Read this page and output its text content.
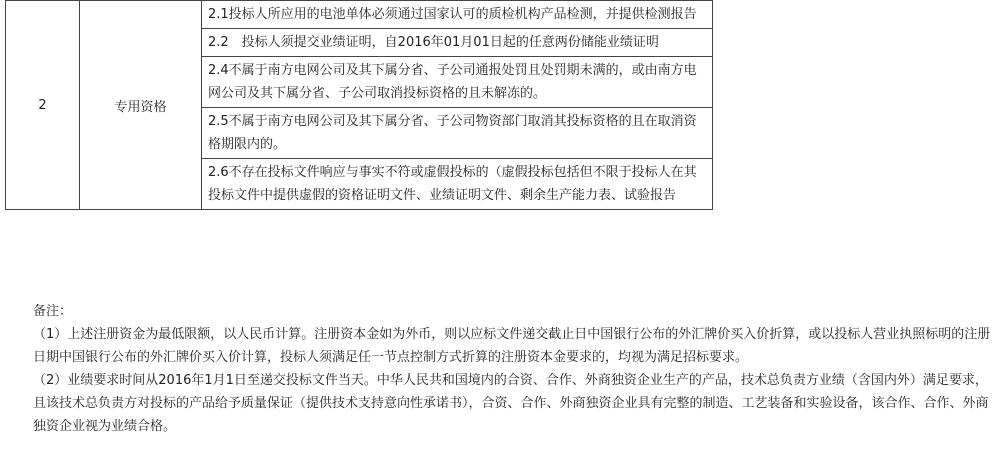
2	专用资格	2.1投标人所应用的电池单体必须通过国家认可的质检机构产品检测，并提供检测报告
2.2　投标人须提交业绩证明，自2016年01月01日起的任意两份储能业绩证明
2.4不属于南方电网公司及其下属分省、子公司通报处罚且处罚期未满的，或由南方电网公司及其下属分省、子公司取消投标资格的且未解冻的。
2.5不属于南方电网公司及其下属分省、子公司物资部门取消其投标资格的且在取消资格期限内的。
2.6不存在投标文件响应与事实不符或虚假投标的（虚假投标包括但不限于投标人在其投标文件中提供虚假的资格证明文件、业绩证明文件、剩余生产能力表、试验报告

备注：

（1）上述注册资金为最低限额，以人民币计算。注册资本金如为外币，则以应标文件递交截止日中国银行公布的外汇牌价买入价折算，或以投标人营业执照标明的注册日期中国银行公布的外汇牌价买入价计算，投标人须满足任一节点控制方式折算的注册资本金要求的，均视为满足招标要求。

（2）业绩要求时间从2016年1月1日至递交投标文件当天。中华人民共和国境内的合资、合作、外商独资企业生产的产品，技术总负责方业绩（含国内外）满足要求，且该技术总负责方对投标的产品给予质量保证（提供技术支持意向性承诺书），合资、合作、外商独资企业具有完整的制造、工艺装备和实验设备，该合作、合作、外商独资企业视为业绩合格。
